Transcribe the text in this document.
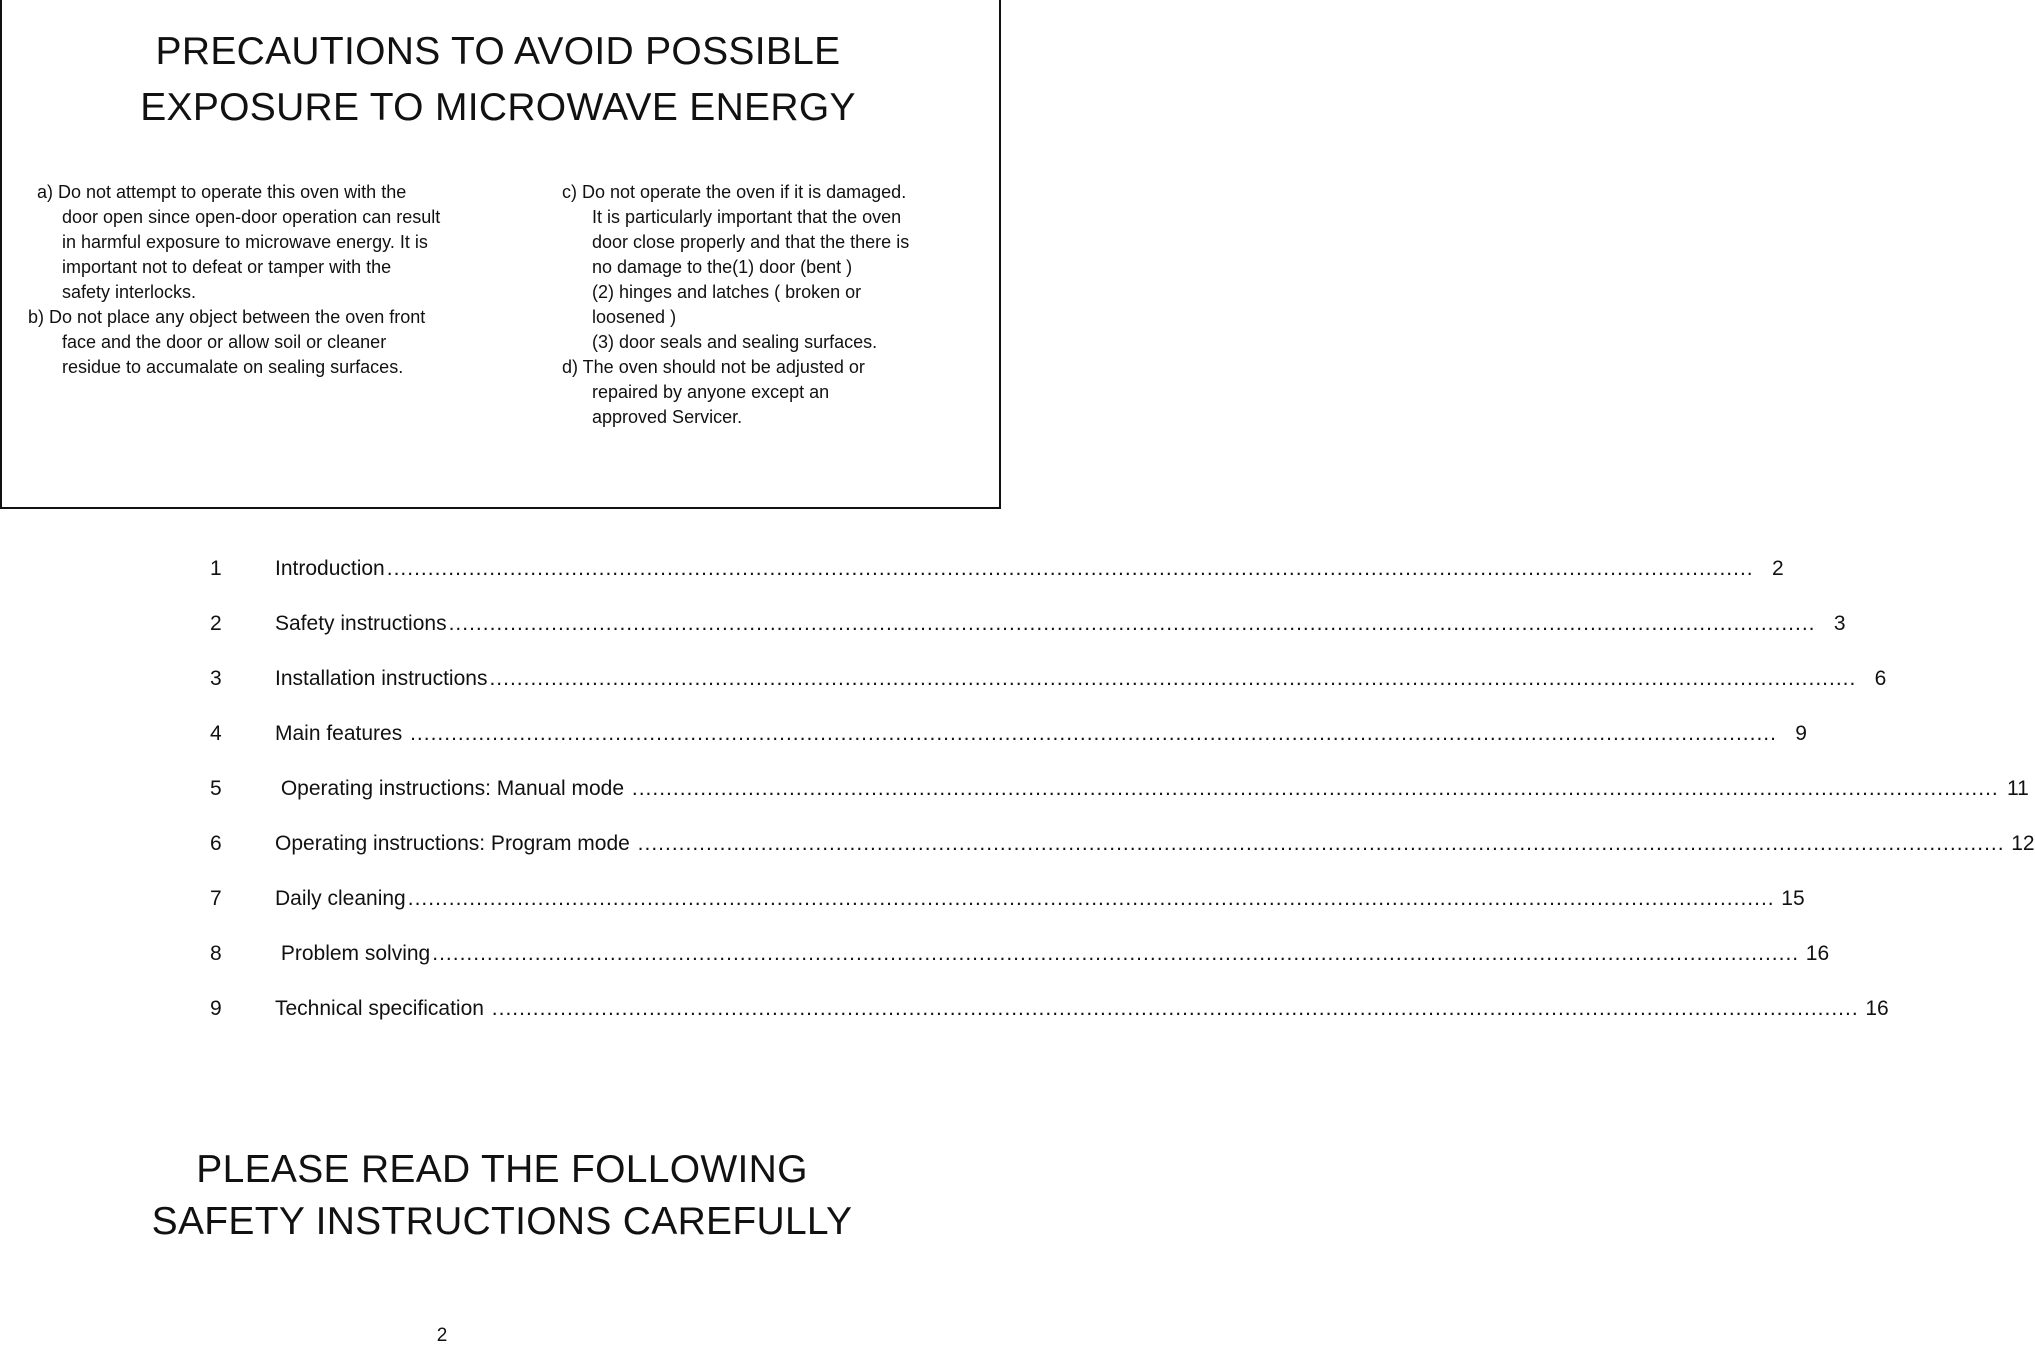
PRECAUTIONS TO AVOID POSSIBLE
EXPOSURE TO MICROWAVE ENERGY
a) Do not attempt to operate this oven with the
door open since open-door operation can result
in harmful exposure to microwave energy. It is
important not to defeat or tamper with the
safety interlocks.
b) Do not place any object between the oven front
face and the door or allow soil or cleaner
residue to accumalate on sealing surfaces.
c) Do not operate the oven if it is damaged.
It is particularly important that the oven
door close properly and that the there is
no damage to the(1) door (bent )
(2) hinges and latches ( broken or
loosened )
(3) door seals and sealing surfaces.
d) The oven should not be adjusted or
repaired by anyone except an
approved Servicer.
1	Introduction ........................................................................................................................................................................................................ 2
2	Safety instructions ........................................................................................................................................................................................................ 3
3	Installation instructions ........................................................................................................................................................................................................ 6
4	Main features ........................................................................................................................................................................................................ 9
5	Operating instructions: Manual mode ........................................................................................................................................................................................................ 11
6	Operating instructions: Program mode ........................................................................................................................................................................................................ 12
7	Daily cleaning ........................................................................................................................................................................................................ 15
8	Problem solving ........................................................................................................................................................................................................ 16
9	Technical specification ........................................................................................................................................................................................................ 16
PLEASE READ THE FOLLOWING
SAFETY INSTRUCTIONS CAREFULLY
2
